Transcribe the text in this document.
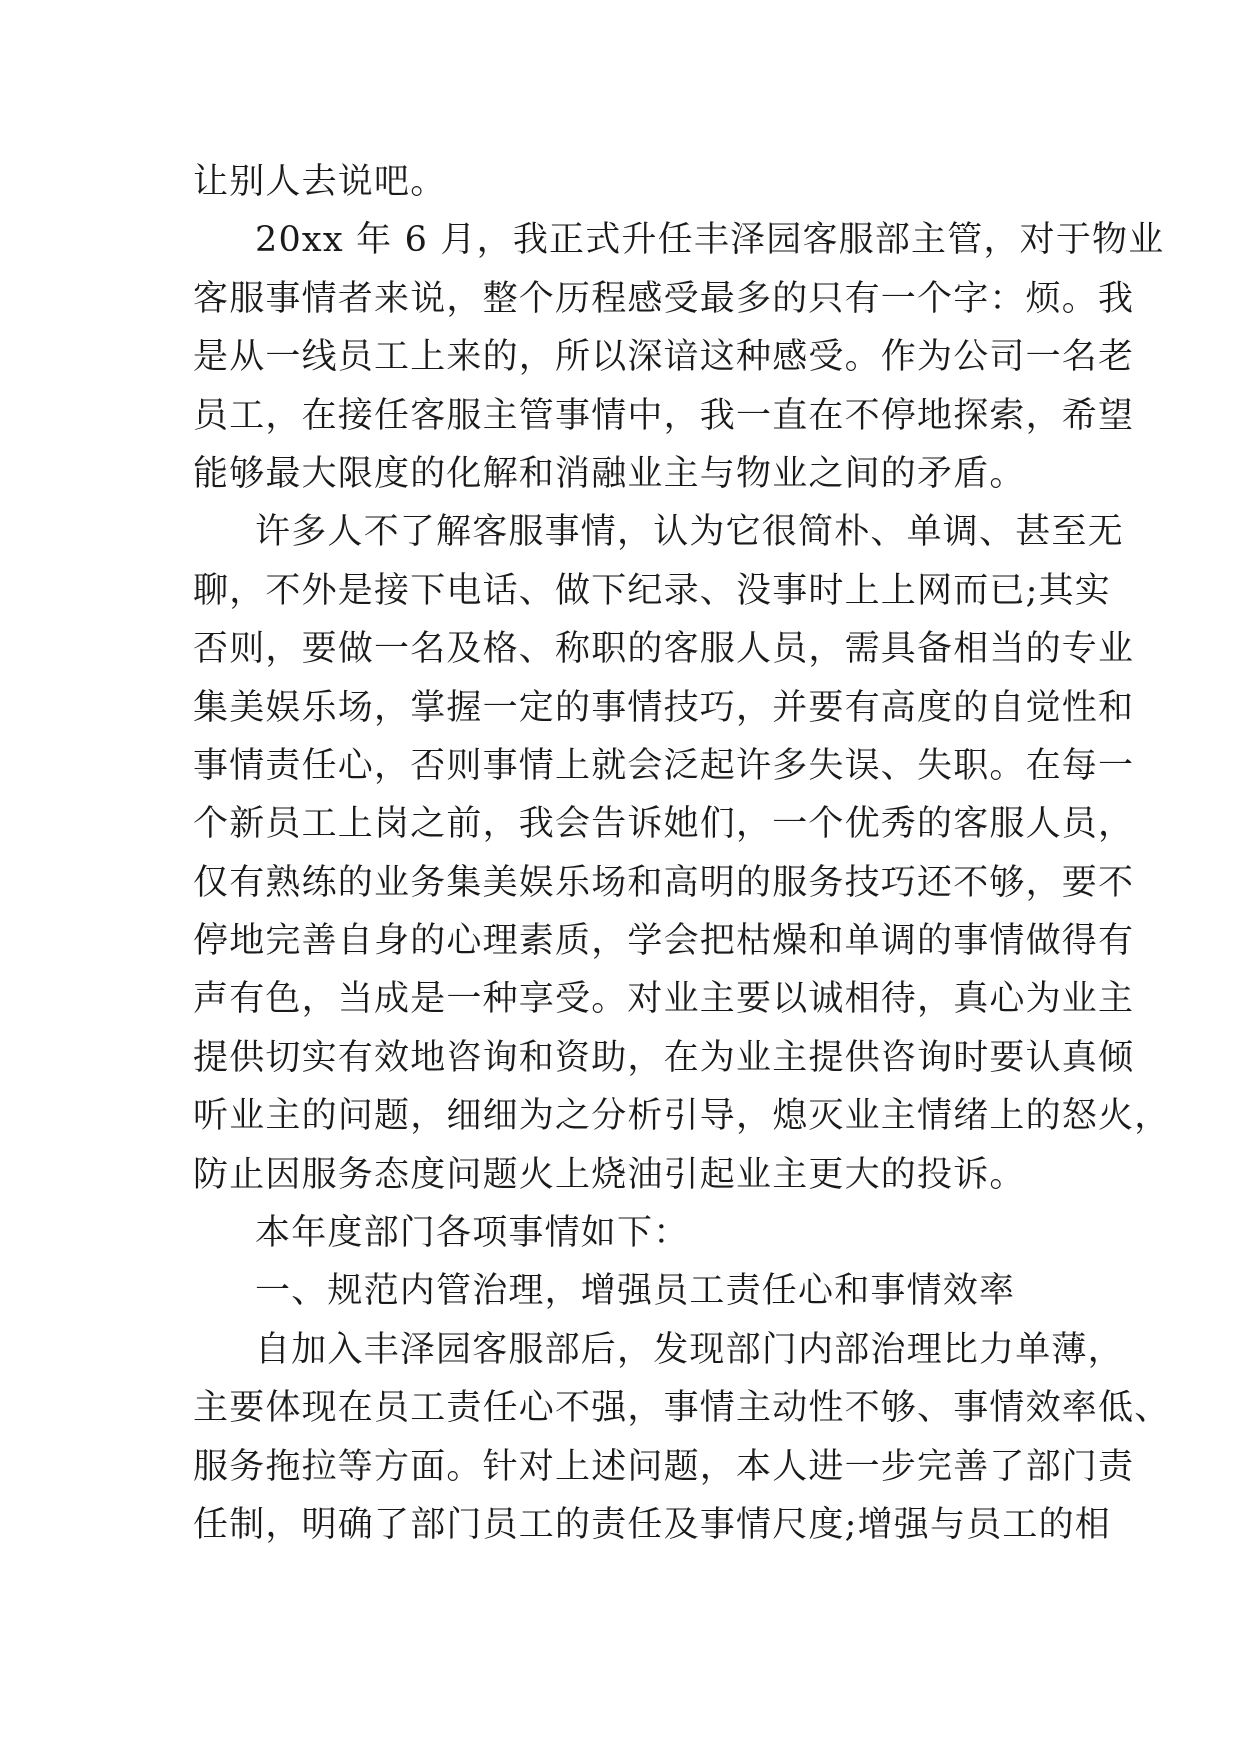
让别人去说吧。
20xx 年 6 月，我正式升任丰泽园客服部主管，对于物业
客服事情者来说，整个历程感受最多的只有一个字：烦。我
是从一线员工上来的，所以深谙这种感受。作为公司一名老
员工，在接任客服主管事情中，我一直在不停地探索，希望
能够最大限度的化解和消融业主与物业之间的矛盾。
许多人不了解客服事情，认为它很简朴、单调、甚至无
聊，不外是接下电话、做下纪录、没事时上上网而已;其实
否则，要做一名及格、称职的客服人员，需具备相当的专业
集美娱乐场，掌握一定的事情技巧，并要有高度的自觉性和
事情责任心，否则事情上就会泛起许多失误、失职。在每一
个新员工上岗之前，我会告诉她们，一个优秀的客服人员，
仅有熟练的业务集美娱乐场和高明的服务技巧还不够，要不
停地完善自身的心理素质，学会把枯燥和单调的事情做得有
声有色，当成是一种享受。对业主要以诚相待，真心为业主
提供切实有效地咨询和资助，在为业主提供咨询时要认真倾
听业主的问题，细细为之分析引导，熄灭业主情绪上的怒火，
防止因服务态度问题火上烧油引起业主更大的投诉。
本年度部门各项事情如下：
一、规范内管治理，增强员工责任心和事情效率
自加入丰泽园客服部后，发现部门内部治理比力单薄，
主要体现在员工责任心不强，事情主动性不够、事情效率低、
服务拖拉等方面。针对上述问题，本人进一步完善了部门责
任制，明确了部门员工的责任及事情尺度;增强与员工的相
